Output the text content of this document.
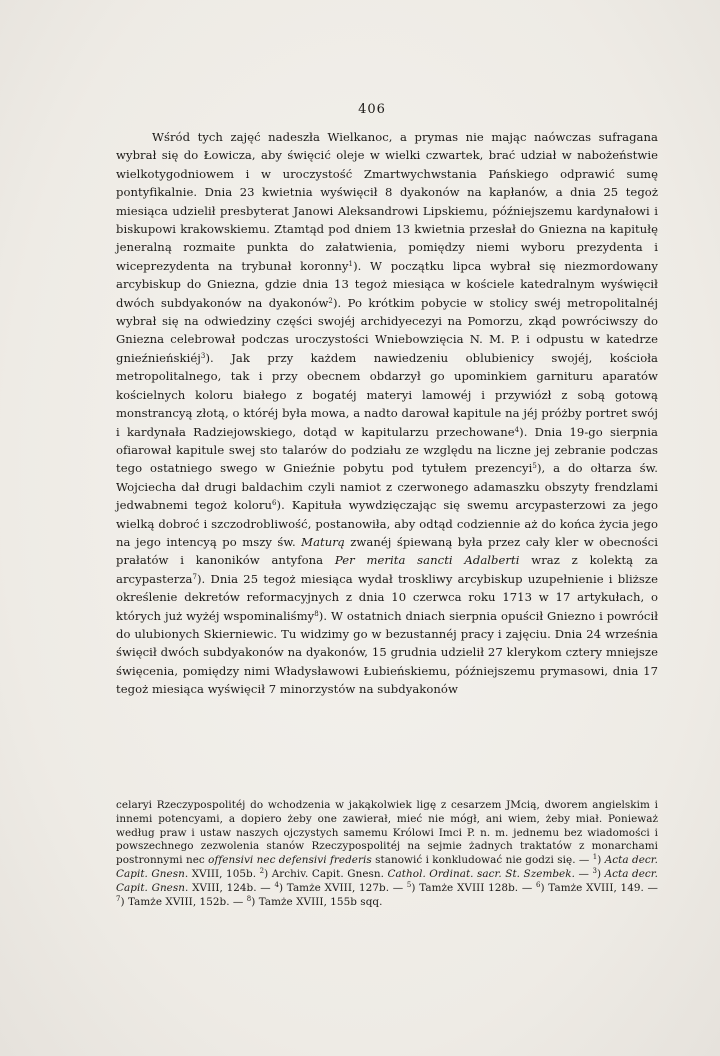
406
Wśród tych zajęć nadeszła Wielkanoc, a prymas nie mając naówczas sufragana wybrał się do Łowicza, aby święcić oleje w wielki czwartek, brać udział w nabożeństwie wielkotygodniowem i w uroczystość Zmartwychwstania Pańskiego odprawić sumę pontyfikalnie. Dnia 23 kwietnia wyświęcił 8 dyakonów na kapłanów, a dnia 25 tegoż miesiąca udzielił presbyterat Janowi Aleksandrowi Lipskiemu, późniejszemu kardynałowi i biskupowi krakowskiemu. Ztamtąd pod dniem 13 kwietnia przesłał do Gniezna na kapitułę jeneralną rozmaite punkta do załatwienia, pomiędzy niemi wyboru prezydenta i wiceprezydenta na trybunał koronny$^1$). W początku lipca wybrał się niezmordowany arcybiskup do Gniezna, gdzie dnia 13 tegoż miesiąca w kościele katedralnym wyświęcił dwóch subdyakonów na dyakonów$^2$). Po krótkim pobycie w stolicy swéj metropolitalnéj wybrał się na odwiedziny części swojéj archidyecezyi na Pomorzu, zkąd powróciwszy do Gniezna celebrował podczas uroczystości Wniebowzięcia N. M. P. i odpustu w katedrze gnieźnieńskiéj$^3$). Jak przy każdem nawiedzeniu oblubienicy swojéj, kościoła metropolitalnego, tak i przy obecnem obdarzył go upominkiem garnituru aparatów kościelnych koloru białego z bogatéj materyi lamowéj i przywiózł z sobą gotową monstrancyą złotą, o któréj była mowa, a nadto darował kapitule na jéj próżby portret swój i kardynała Radziejowskiego, dotąd w kapitularzu przechowane$^4$). Dnia 19-go sierpnia ofiarował kapitule swej sto talarów do podziału ze względu na liczne jej zebranie podczas tego ostatniego swego w Gnieźnie pobytu pod tytułem prezencyi$^5$), a do ołtarza św. Wojciecha dał drugi baldachim czyli namiot z czerwonego adamaszku obszyty frendzlami jedwabnemi tegoż koloru$^6$). Kapituła wywdzięczając się swemu arcypasterzowi za jego wielką dobroć i szczodrobliwość, postanowiła, aby odtąd codziennie aż do końca życia jego na jego intencyą po mszy św. Maturą zwanéj śpiewaną była przez cały kler w obecności prałatów i kanoników antyfona Per merita sancti Adalberti wraz z kolektą za arcypasterza$^7$). Dnia 25 tegoż miesiąca wydał troskliwy arcybiskup uzupełnienie i bliższe określenie dekretów reformacyjnych z dnia 10 czerwca roku 1713 w 17 artykułach, o których już wyżéj wspominaliśmy$^8$). W ostatnich dniach sierpnia opuścił Gniezno i powrócił do ulubionych Skierniewic. Tu widzimy go w bezustannéj pracy i zajęciu. Dnia 24 września święcił dwóch subdyakonów na dyakonów, 15 grudnia udzielił 27 klerykom cztery mniejsze święcenia, pomiędzy nimi Władysławowi Łubieńskiemu, późniejszemu prymasowi, dnia 17 tegoż miesiąca wyświęcił 7 minorzystów na subdyakonów
celaryi Rzeczypospolitéj do wchodzenia w jakąkolwiek ligę z cesarzem JMcią, dworem angielskim i innemi potencyami, a dopiero żeby one zawierał, mieć nie mógł, ani wiem, żeby miał. Ponieważ według praw i ustaw naszych ojczystych samemu Królowi Imci P. n. m. jednemu bez wiadomości i powszechnego zezwolenia stanów Rzeczypospolitéj na sejmie żadnych traktatów z monarchami postronnymi nec offensivi nec defensivi frederis stanowić i konkludować nie godzi się. — $^1$) Acta decr. Capit. Gnesn. XVIII, 105b. $^2$) Archiv. Capit. Gnesn. Cathol. Ordinat. sacr. St. Szembek. — $^3$) Acta decr. Capit. Gnesn. XVIII, 124b. — $^4$) Tamże XVIII, 127b. — $^5$) Tamże XVIII 128b. — $^6$) Tamże XVIII, 149. — $^7$) Tamże XVIII, 152b. — $^8$) Tamże XVIII, 155b sqq.
